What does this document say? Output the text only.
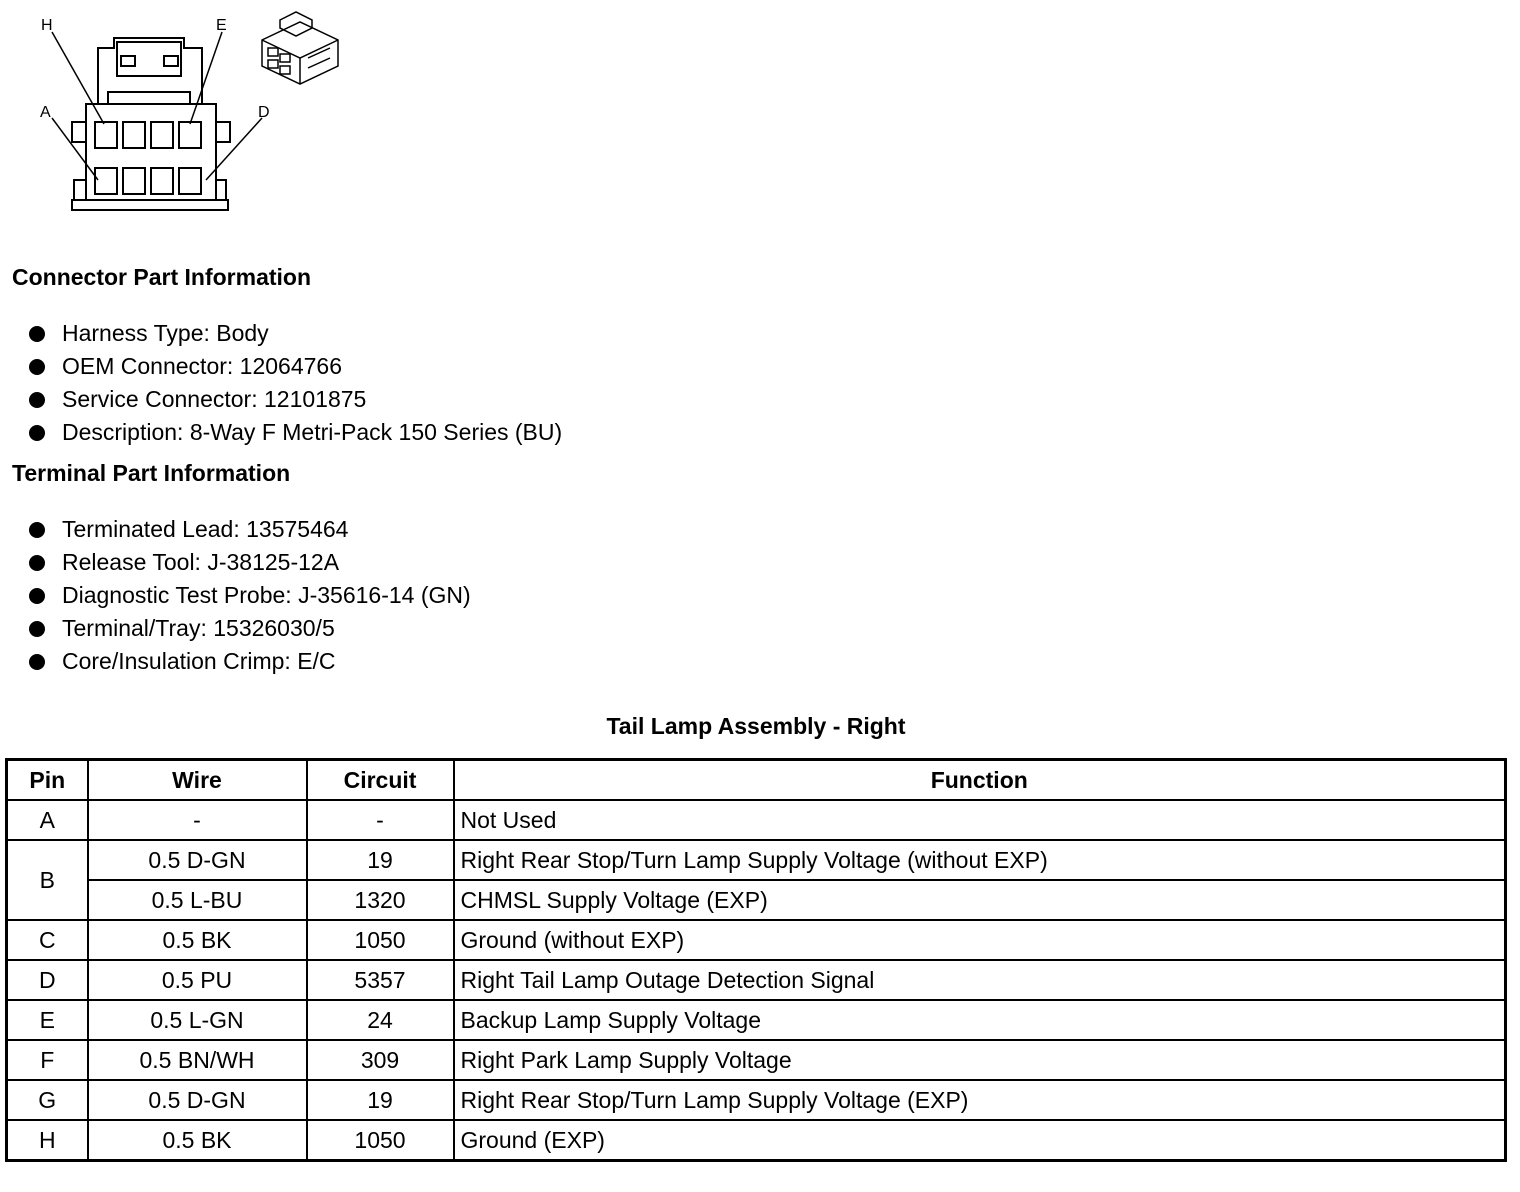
H	E
A	D
Connector Part Information
Harness Type: Body
OEM Connector: 12064766
Service Connector: 12101875
Description: 8-Way F Metri-Pack 150 Series (BU)
Terminal Part Information
Terminated Lead: 13575464
Release Tool: J-38125-12A
Diagnostic Test Probe: J-35616-14 (GN)
Terminal/Tray: 15326030/5
Core/Insulation Crimp: E/C
Tail Lamp Assembly - Right
Pin	Wire	Circuit	Function
A	-	-	Not Used
B	0.5 D-GN	19	Right Rear Stop/Turn Lamp Supply Voltage (without EXP)
	0.5 L-BU	1320	CHMSL Supply Voltage (EXP)
C	0.5 BK	1050	Ground (without EXP)
D	0.5 PU	5357	Right Tail Lamp Outage Detection Signal
E	0.5 L-GN	24	Backup Lamp Supply Voltage
F	0.5 BN/WH	309	Right Park Lamp Supply Voltage
G	0.5 D-GN	19	Right Rear Stop/Turn Lamp Supply Voltage (EXP)
H	0.5 BK	1050	Ground (EXP)
